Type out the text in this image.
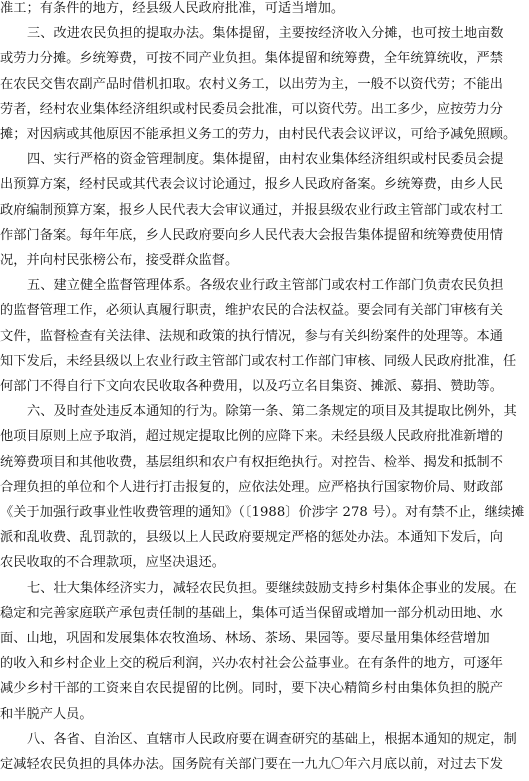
准工；有条件的地方，经县级人民政府批准，可适当增加。
三、改进农民负担的提取办法。集体提留，主要按经济收入分摊，也可按土地亩数
或劳力分摊。乡统筹费，可按不同产业负担。集体提留和统筹费，全年统算统收，严禁
在农民交售农副产品时借机扣取。农村义务工，以出劳为主，一般不以资代劳；不能出
劳者，经村农业集体经济组织或村民委员会批准，可以资代劳。出工多少，应按劳力分
摊；对因病或其他原因不能承担义务工的劳力，由村民代表会议评议，可给予减免照顾。
四、实行严格的资金管理制度。集体提留，由村农业集体经济组织或村民委员会提
出预算方案，经村民或其代表会议讨论通过，报乡人民政府备案。乡统筹费，由乡人民
政府编制预算方案，报乡人民代表大会审议通过，并报县级农业行政主管部门或农村工
作部门备案。每年年底，乡人民政府要向乡人民代表大会报告集体提留和统筹费使用情
况，并向村民张榜公布，接受群众监督。
五、建立健全监督管理体系。各级农业行政主管部门或农村工作部门负责农民负担
的监督管理工作，必须认真履行职责，维护农民的合法权益。要会同有关部门审核有关
文件，监督检查有关法律、法规和政策的执行情况，参与有关纠纷案件的处理等。本通
知下发后，未经县级以上农业行政主管部门或农村工作部门审核、同级人民政府批准，任
何部门不得自行下文向农民收取各种费用，以及巧立名目集资、摊派、募捐、赞助等。
六、及时查处违反本通知的行为。除第一条、第二条规定的项目及其提取比例外，其
他项目原则上应予取消，超过规定提取比例的应降下来。未经县级人民政府批准新增的
统筹费项目和其他收费，基层组织和农户有权拒绝执行。对控告、检举、揭发和抵制不
合理负担的单位和个人进行打击报复的，应依法处理。应严格执行国家物价局、财政部
《关于加强行政事业性收费管理的通知》（〔1988〕价涉字 278 号）。对有禁不止，继续摊
派和乱收费、乱罚款的，县级以上人民政府要规定严格的惩处办法。本通知下发后，向
农民收取的不合理款项，应坚决退还。
七、壮大集体经济实力，减轻农民负担。要继续鼓励支持乡村集体企事业的发展。在
稳定和完善家庭联产承包责任制的基础上，集体可适当保留或增加一部分机动田地、水
面、山地，巩固和发展集体农牧渔场、林场、茶场、果园等。要尽量用集体经营增加
的收入和乡村企业上交的税后利润，兴办农村社会公益事业。在有条件的地方，可逐年
减少乡村干部的工资来自农民提留的比例。同时，要下决心精简乡村由集体负担的脱产
和半脱产人员。
八、各省、自治区、直辖市人民政府要在调查研究的基础上，根据本通知的规定，制
定减轻农民负担的具体办法。国务院有关部门要在一九九〇年六月底以前，对过去下发
